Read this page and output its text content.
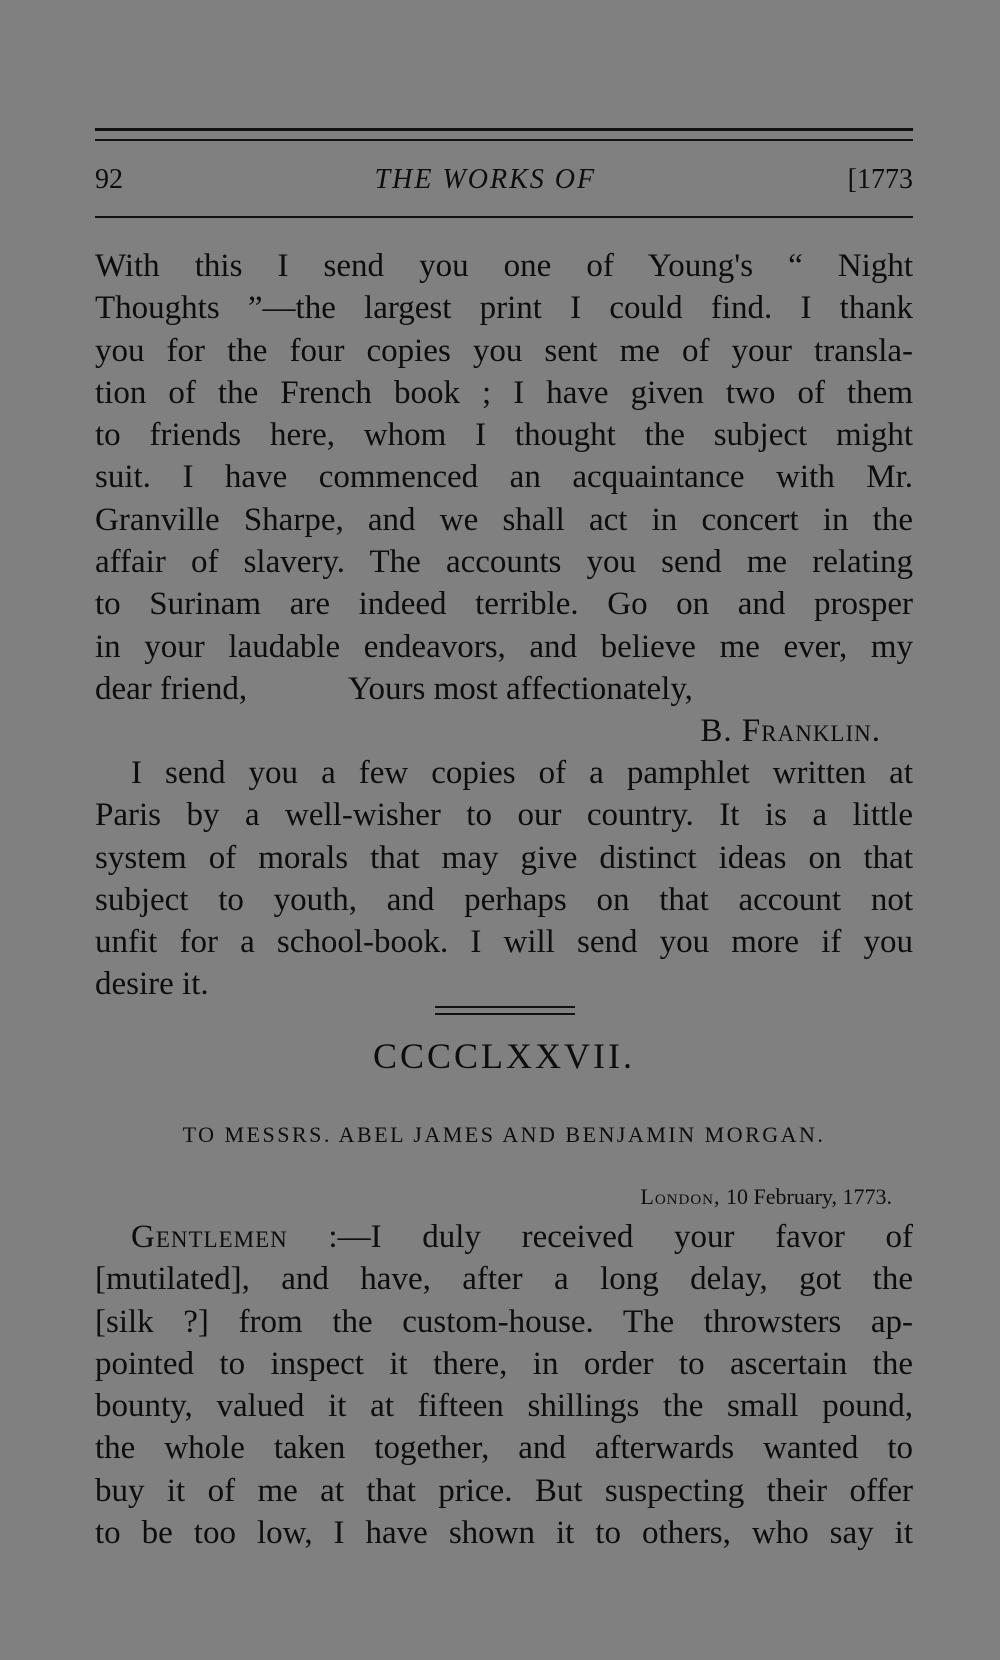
92	THE WORKS OF	[1773
With this I send you one of Young's “ Night
Thoughts ”—the largest print I could find. I thank
you for the four copies you sent me of your transla-
tion of the French book ; I have given two of them
to friends here, whom I thought the subject might
suit. I have commenced an acquaintance with Mr.
Granville Sharpe, and we shall act in concert in the
affair of slavery. The accounts you send me relating
to Surinam are indeed terrible. Go on and prosper
in your laudable endeavors, and believe me ever, my
dear friend,	Yours most affectionately,
B. Franklin.
I send you a few copies of a pamphlet written at
Paris by a well-wisher to our country. It is a little
system of morals that may give distinct ideas on that
subject to youth, and perhaps on that account not
unfit for a school-book. I will send you more if you
desire it.
CCCCLXXVII.
TO MESSRS. ABEL JAMES AND BENJAMIN MORGAN.
London, 10 February, 1773.
Gentlemen :—I duly received your favor of
[mutilated], and have, after a long delay, got the
[silk ?] from the custom-house. The throwsters ap-
pointed to inspect it there, in order to ascertain the
bounty, valued it at fifteen shillings the small pound,
the whole taken together, and afterwards wanted to
buy it of me at that price. But suspecting their offer
to be too low, I have shown it to others, who say it
